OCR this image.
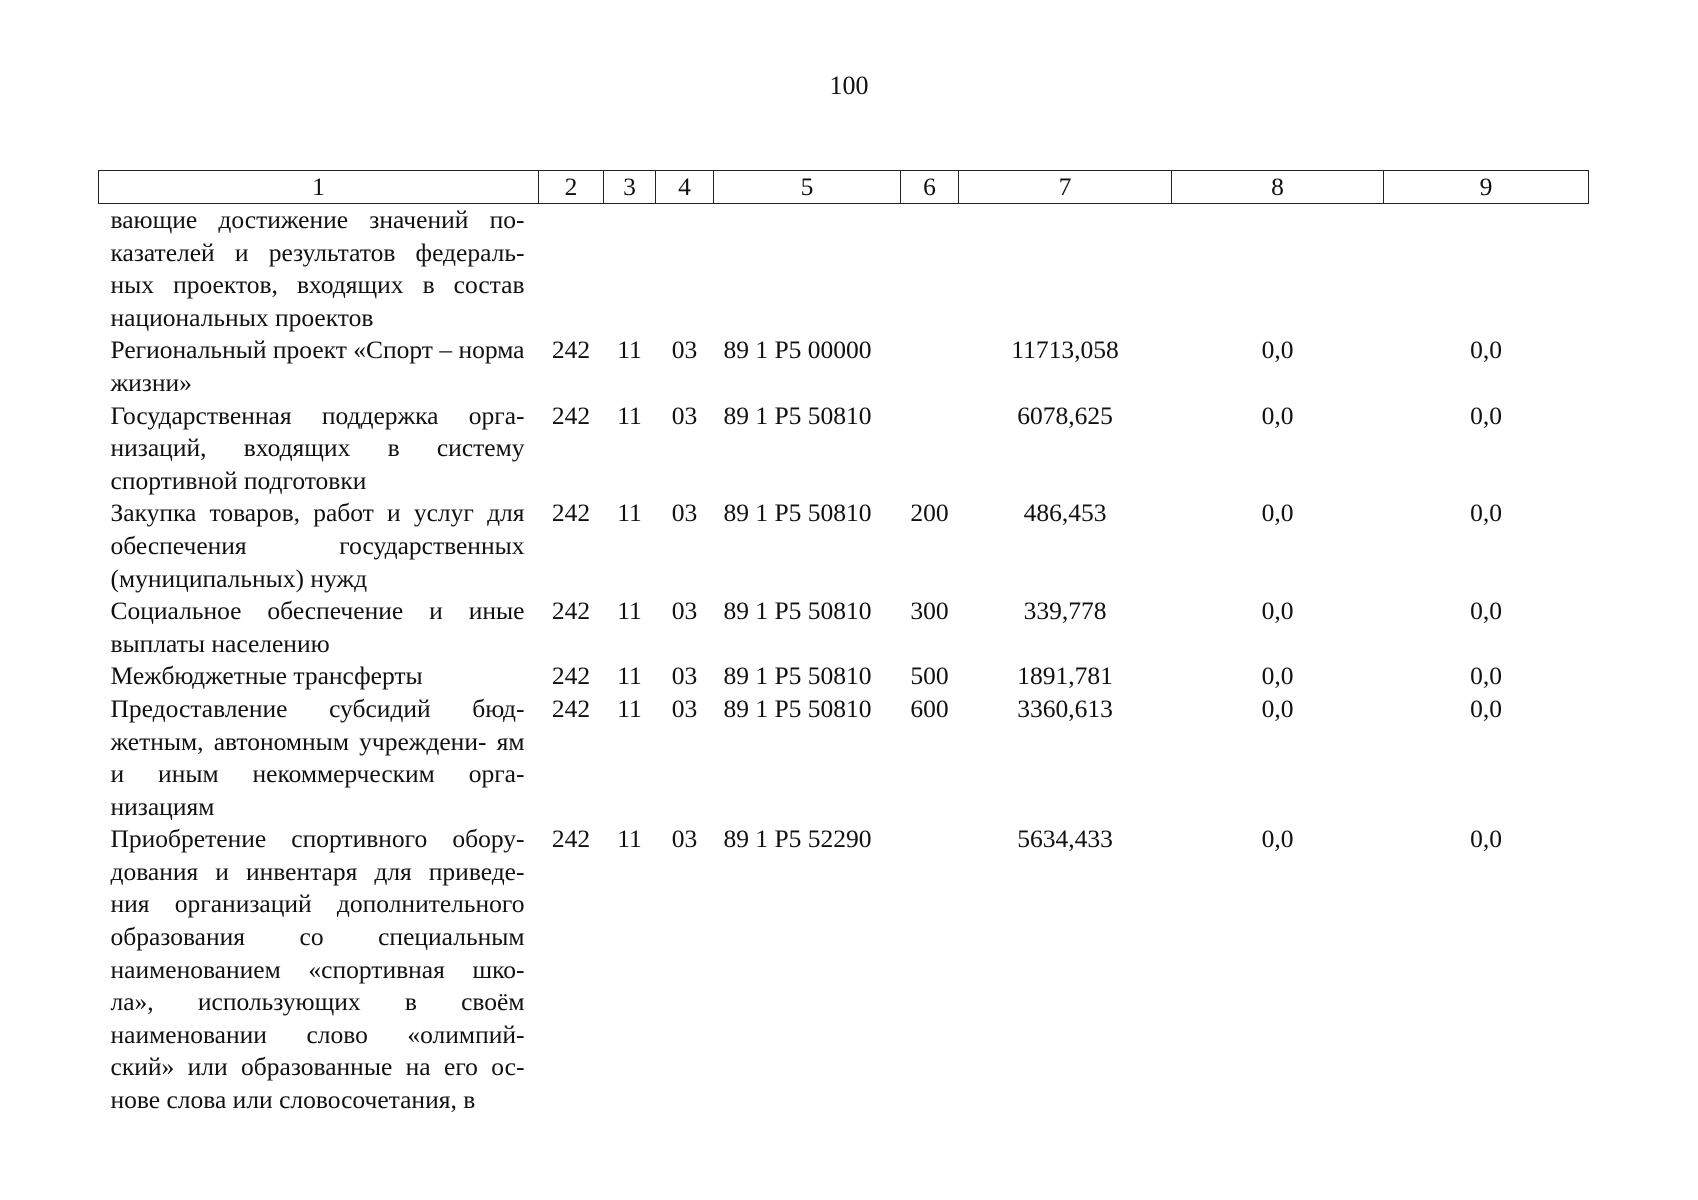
100
1	2	3	4	5	6	7	8	9
вающие достижение значений по- казателей и результатов федераль- ных проектов, входящих в состав национальных проектов								
Региональный проект «Спорт – норма жизни»	242	11	03	89 1 P5 00000		11713,058	0,0	0,0
Государственная поддержка орга- низаций, входящих в систему спортивной подготовки	242	11	03	89 1 P5 50810		6078,625	0,0	0,0
Закупка товаров, работ и услуг для обеспечения государственных (муниципальных) нужд	242	11	03	89 1 P5 50810	200	486,453	0,0	0,0
Социальное обеспечение и иные выплаты населению	242	11	03	89 1 P5 50810	300	339,778	0,0	0,0
Межбюджетные трансферты	242	11	03	89 1 P5 50810	500	1891,781	0,0	0,0
Предоставление субсидий бюд- жетным, автономным учреждени- ям и иным некоммерческим орга- низациям	242	11	03	89 1 P5 50810	600	3360,613	0,0	0,0
Приобретение спортивного обору- дования и инвентаря для приведе- ния организаций дополнительного образования со специальным наименованием «спортивная шко- ла», использующих в своём наименовании слово «олимпий- ский» или образованные на его ос- нове слова или словосочетания, в	242	11	03	89 1 P5 52290		5634,433	0,0	0,0
